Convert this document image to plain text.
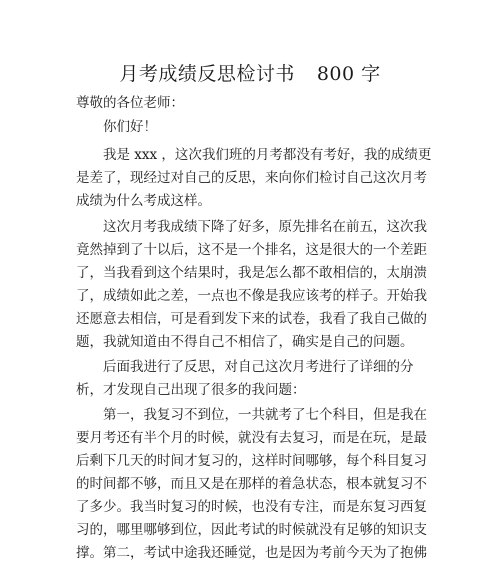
月考成绩反思检讨书 800 字
尊敬的各位老师：
你们好！
我是 xxx ，这次我们班的月考都没有考好，我的成绩更
是差了，现经过对自己的反思，来向你们检讨自己这次月考
成绩为什么考成这样。
这次月考我成绩下降了好多，原先排名在前五，这次我
竟然掉到了十以后，这不是一个排名，这是很大的一个差距
了，当我看到这个结果时，我是怎么都不敢相信的，太崩溃
了，成绩如此之差，一点也不像是我应该考的样子。开始我
还愿意去相信，可是看到发下来的试卷，我看了我自己做的
题，我就知道由不得自己不相信了，确实是自己的问题。
后面我进行了反思，对自己这次月考进行了详细的分
析，才发现自己出现了很多的我问题：
第一，我复习不到位，一共就考了七个科目，但是我在
要月考还有半个月的时候，就没有去复习，而是在玩，是最
后剩下几天的时间才复习的，这样时间哪够，每个科目复习
的时间都不够，而且又是在那样的着急状态，根本就复习不
了多少。我当时复习的时候，也没有专注，而是东复习西复
习的，哪里哪够到位，因此考试的时候就没有足够的知识支
撑。第二，考试中途我还睡觉，也是因为考前今天为了抱佛
